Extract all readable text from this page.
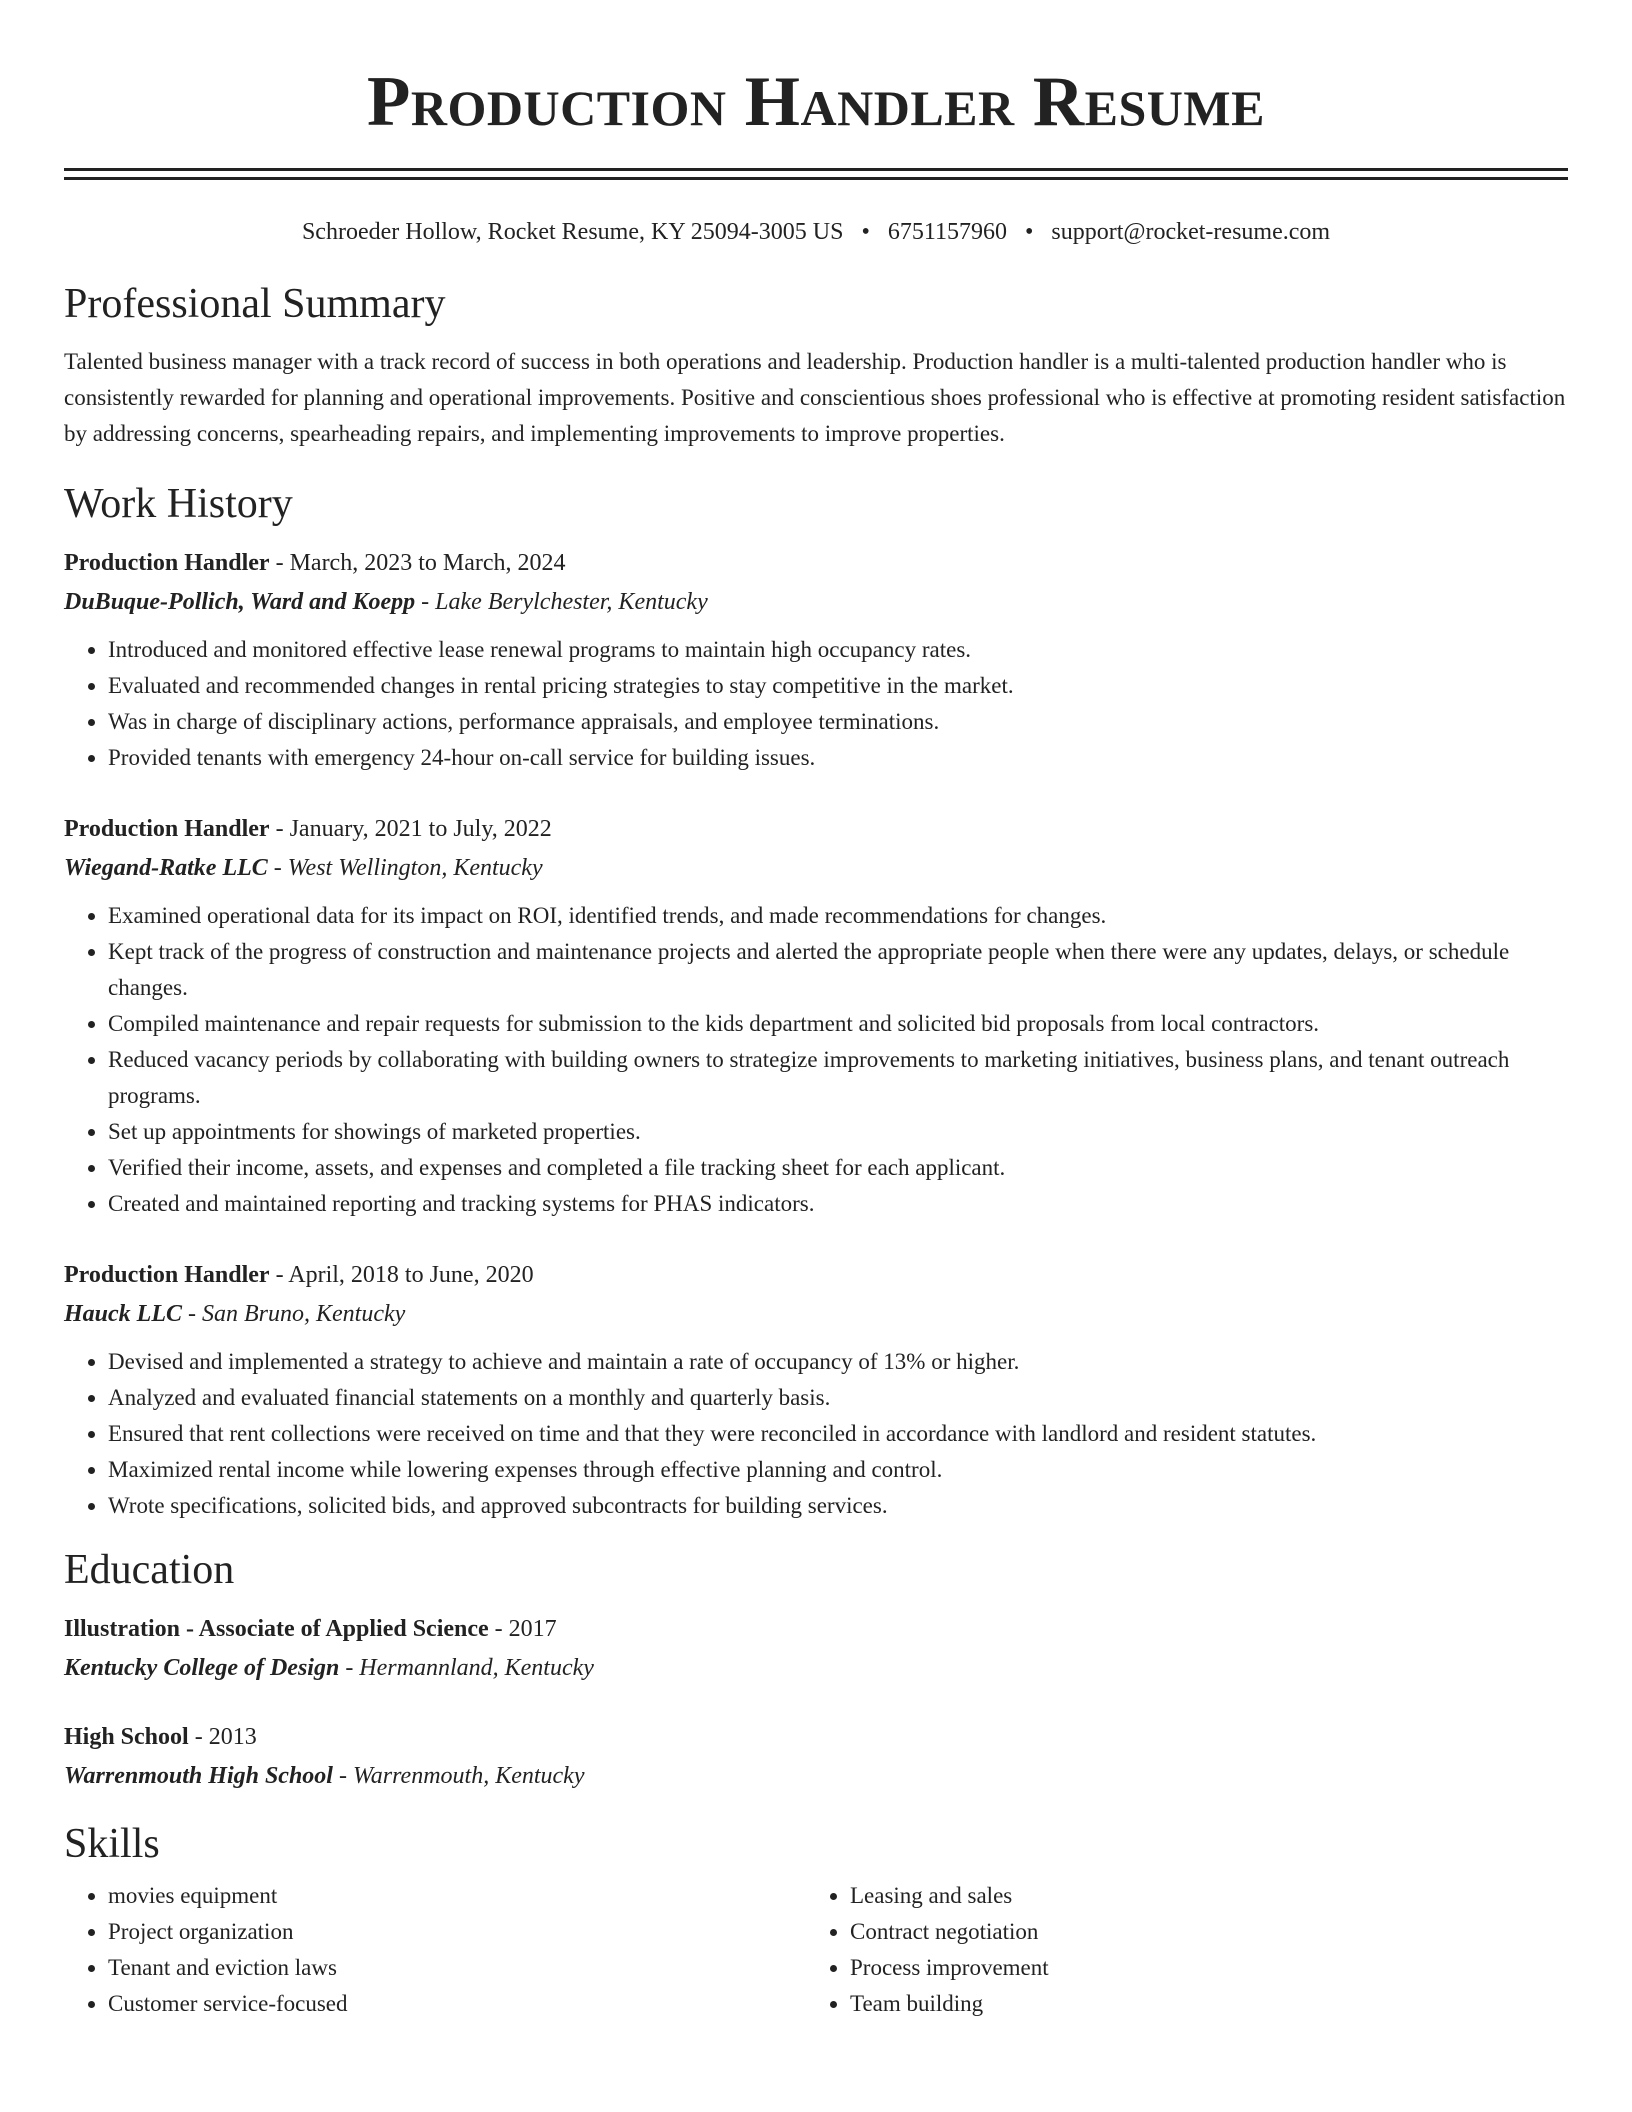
Production Handler Resume
Schroeder Hollow, Rocket Resume, KY 25094-3005 US • 6751157960 • support@rocket-resume.com
Professional Summary

Talented business manager with a track record of success in both operations and leadership. Production handler is a multi-talented production handler who is consistently rewarded for planning and operational improvements. Positive and conscientious shoes professional who is effective at promoting resident satisfaction by addressing concerns, spearheading repairs, and implementing improvements to improve properties.

Work History

Production Handler - March, 2023 to March, 2024

DuBuque-Pollich, Ward and Koepp - Lake Berylchester, Kentucky

• Introduced and monitored effective lease renewal programs to maintain high occupancy rates.
• Evaluated and recommended changes in rental pricing strategies to stay competitive in the market.
• Was in charge of disciplinary actions, performance appraisals, and employee terminations.
• Provided tenants with emergency 24-hour on-call service for building issues.

Production Handler - January, 2021 to July, 2022

Wiegand-Ratke LLC - West Wellington, Kentucky

• Examined operational data for its impact on ROI, identified trends, and made recommendations for changes.
• Kept track of the progress of construction and maintenance projects and alerted the appropriate people when there were any updates, delays, or schedule changes.
• Compiled maintenance and repair requests for submission to the kids department and solicited bid proposals from local contractors.
• Reduced vacancy periods by collaborating with building owners to strategize improvements to marketing initiatives, business plans, and tenant outreach programs.
• Set up appointments for showings of marketed properties.
• Verified their income, assets, and expenses and completed a file tracking sheet for each applicant.
• Created and maintained reporting and tracking systems for PHAS indicators.

Production Handler - April, 2018 to June, 2020

Hauck LLC - San Bruno, Kentucky

• Devised and implemented a strategy to achieve and maintain a rate of occupancy of 13% or higher.
• Analyzed and evaluated financial statements on a monthly and quarterly basis.
• Ensured that rent collections were received on time and that they were reconciled in accordance with landlord and resident statutes.
• Maximized rental income while lowering expenses through effective planning and control.
• Wrote specifications, solicited bids, and approved subcontracts for building services.
Education

Illustration - Associate of Applied Science - 2017

Kentucky College of Design - Hermannland, Kentucky

High School - 2013

Warrenmouth High School - Warrenmouth, Kentucky

Skills
• movies equipment
• Project organization
• Tenant and eviction laws
• Customer service-focused
• Leasing and sales
• Contract negotiation
• Process improvement
• Team building
